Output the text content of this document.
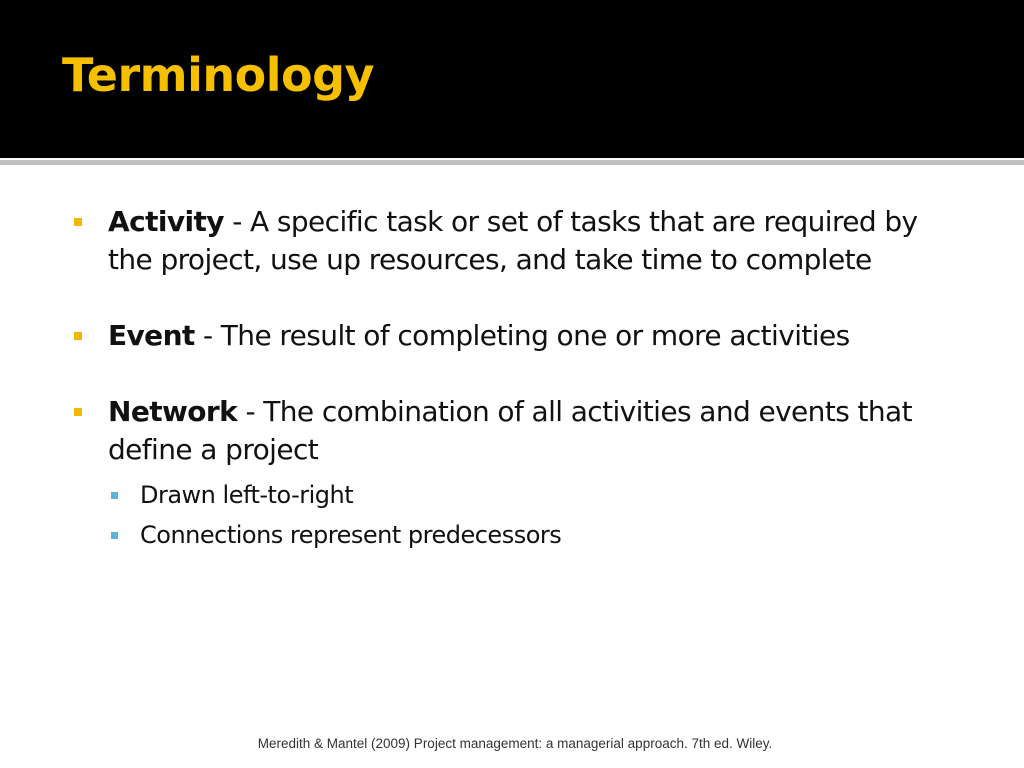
Terminology
Activity - A specific task or set of tasks that are required by the project, use up resources, and take time to complete
Event - The result of completing one or more activities
Network - The combination of all activities and events that define a project
Drawn left-to-right
Connections represent predecessors
Meredith & Mantel (2009) Project management: a managerial approach. 7th ed. Wiley.
